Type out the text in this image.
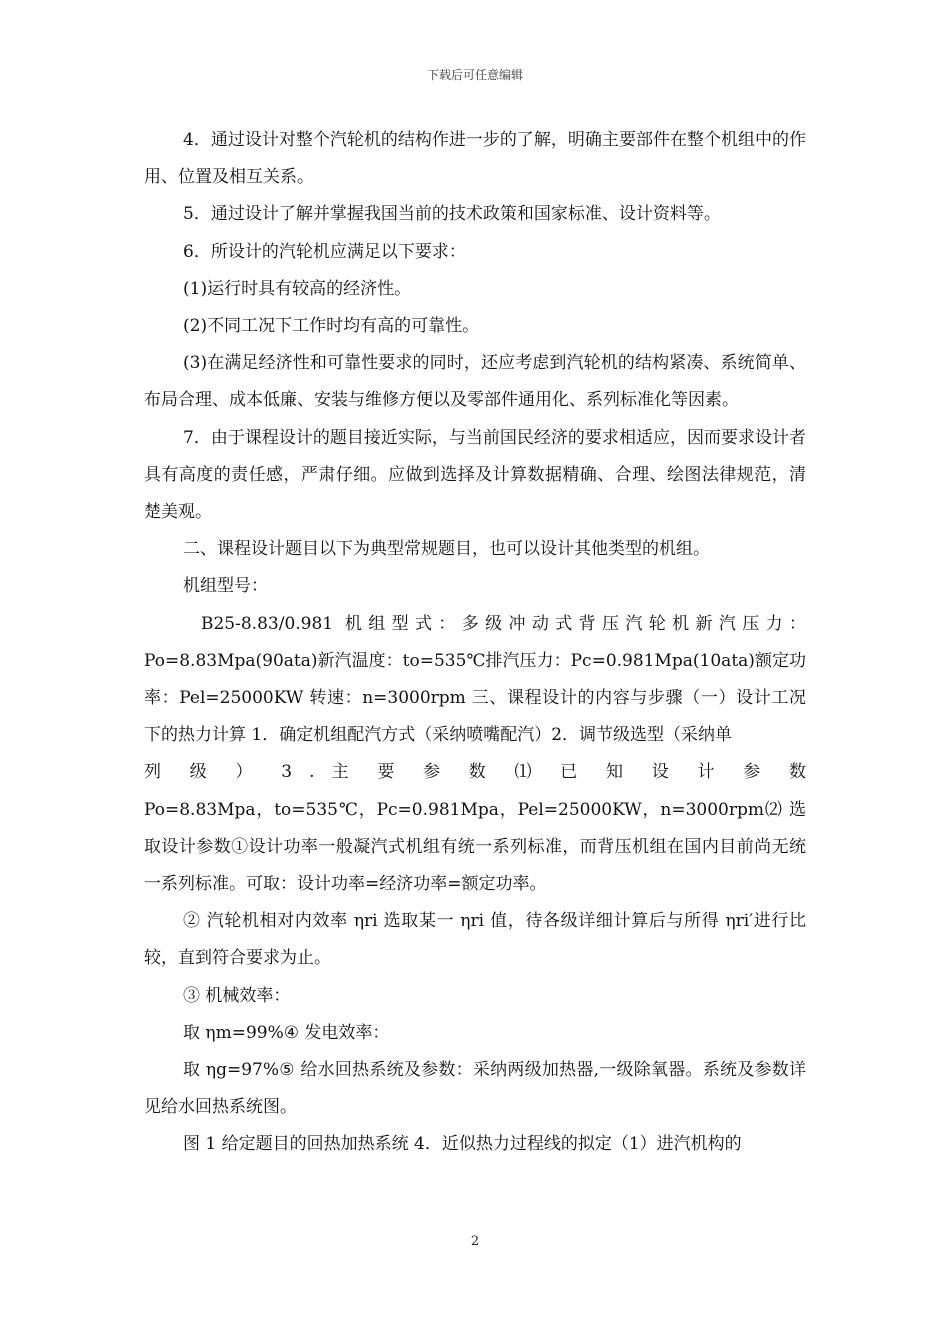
下载后可任意编辑

4．通过设计对整个汽轮机的结构作进一步的了解，明确主要部件在整个机组中的作用、位置及相互关系。

5．通过设计了解并掌握我国当前的技术政策和国家标准、设计资料等。

6．所设计的汽轮机应满足以下要求：

(1)运行时具有较高的经济性。

(2)不同工况下工作时均有高的可靠性。

(3)在满足经济性和可靠性要求的同时，还应考虑到汽轮机的结构紧凑、系统简单、布局合理、成本低廉、安装与维修方便以及零部件通用化、系列标准化等因素。

7．由于课程设计的题目接近实际，与当前国民经济的要求相适应，因而要求设计者具有高度的责任感，严肃仔细。应做到选择及计算数据精确、合理、绘图法律规范，清楚美观。

二、课程设计题目以下为典型常规题目，也可以设计其他类型的机组。

机组型号：

B25-8.83/0.981 机组型式：多级冲动式背压汽轮机新汽压力：

Po=8.83Mpa(90ata)新汽温度：to=535℃排汽压力：Pc=0.981Mpa(10ata)额定功率：Pel=25000KW 转速：n=3000rpm 三、课程设计的内容与步骤（一）设计工况下的热力计算 1．确定机组配汽方式（采纳喷嘴配汽）2．调节级选型（采纳单

列 级 ） 3 . 主 要 参 数 ⑴ 已 知 设 计 参 数

Po=8.83Mpa，to=535℃，Pc=0.981Mpa，Pel=25000KW，n=3000rpm⑵ 选取设计参数①设计功率一般凝汽式机组有统一系列标准，而背压机组在国内目前尚无统一系列标准。可取：设计功率=经济功率=额定功率。

② 汽轮机相对内效率 ηri 选取某一 ηri 值，待各级详细计算后与所得 ηri′进行比较，直到符合要求为止。

③ 机械效率：

取 ηm=99%④ 发电效率：

取 ηg=97%⑤ 给水回热系统及参数：采纳两级加热器,一级除氧器。系统及参数详见给水回热系统图。

图 1 给定题目的回热加热系统 4．近似热力过程线的拟定（1）进汽机构的

2
